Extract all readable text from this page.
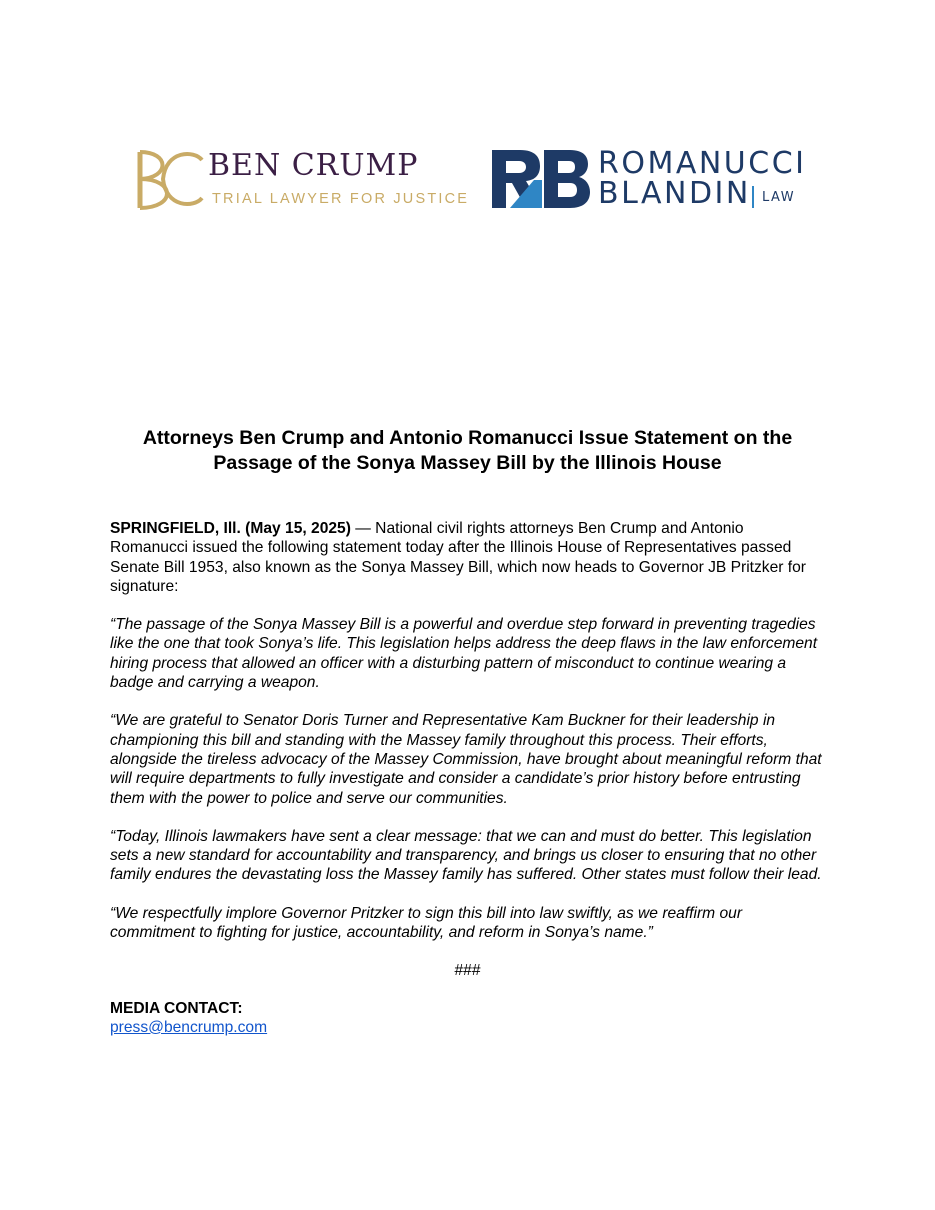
BEN CRUMP
TRIAL LAWYER FOR JUSTICE
ROMANUCCI
BLANDIN LAW
Attorneys Ben Crump and Antonio Romanucci Issue Statement on the Passage of the Sonya Massey Bill by the Illinois House

SPRINGFIELD, Ill. (May 15, 2025) — National civil rights attorneys Ben Crump and Antonio Romanucci issued the following statement today after the Illinois House of Representatives passed Senate Bill 1953, also known as the Sonya Massey Bill, which now heads to Governor JB Pritzker for signature:

“The passage of the Sonya Massey Bill is a powerful and overdue step forward in preventing tragedies like the one that took Sonya’s life. This legislation helps address the deep flaws in the law enforcement hiring process that allowed an officer with a disturbing pattern of misconduct to continue wearing a badge and carrying a weapon.

“We are grateful to Senator Doris Turner and Representative Kam Buckner for their leadership in championing this bill and standing with the Massey family throughout this process. Their efforts, alongside the tireless advocacy of the Massey Commission, have brought about meaningful reform that will require departments to fully investigate and consider a candidate’s prior history before entrusting them with the power to police and serve our communities.

“Today, Illinois lawmakers have sent a clear message: that we can and must do better. This legislation sets a new standard for accountability and transparency, and brings us closer to ensuring that no other family endures the devastating loss the Massey family has suffered. Other states must follow their lead.

“We respectfully implore Governor Pritzker to sign this bill into law swiftly, as we reaffirm our commitment to fighting for justice, accountability, and reform in Sonya’s name.”

###

MEDIA CONTACT:

press@bencrump.com
